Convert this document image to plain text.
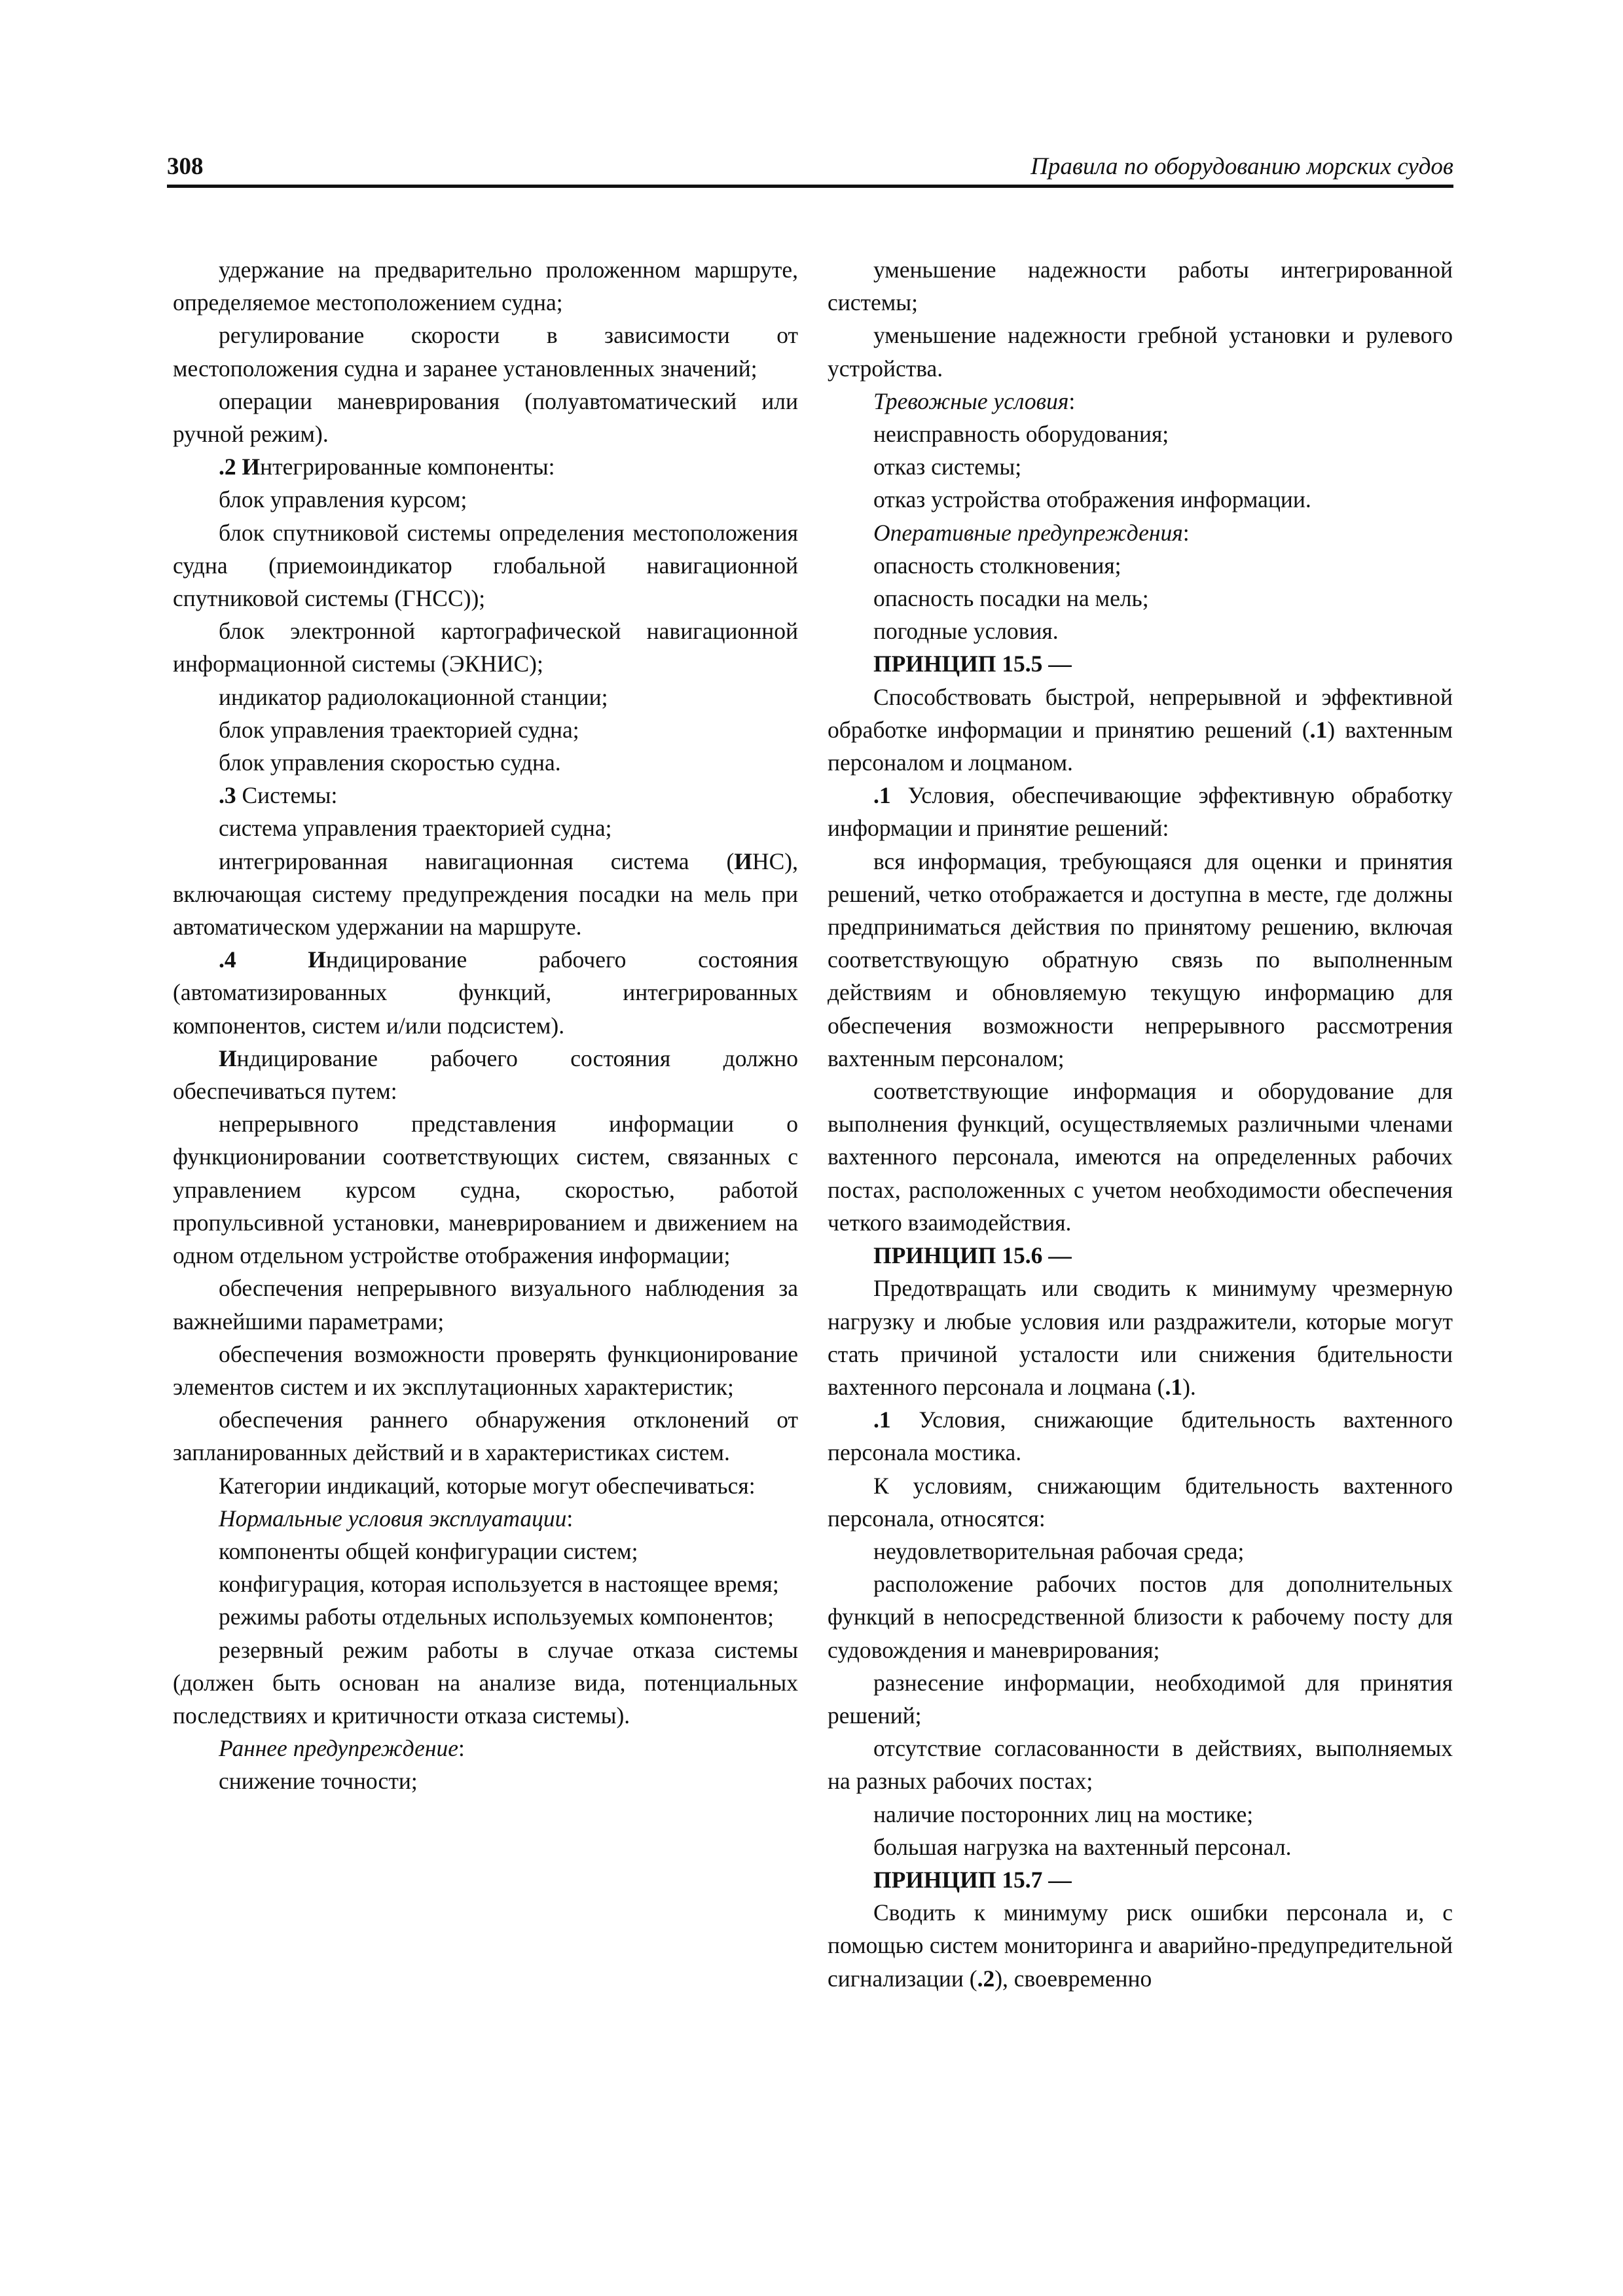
308	Правила по оборудованию морских судов

удержание на предварительно проложенном маршруте, определяемое местоположением судна;

регулирование скорости в зависимости от местоположения судна и заранее установленных значений;

операции маневрирования (полуавтоматический или ручной режим).

.2 Интегрированные компоненты:

блок управления курсом;

блок спутниковой системы определения местоположения судна (приемоиндикатор глобальной навигационной спутниковой системы (ГНСС));

блок электронной картографической навигационной информационной системы (ЭКНИС);

индикатор радиолокационной станции;

блок управления траекторией судна;

блок управления скоростью судна.

.3 Системы:

система управления траекторией судна;

интегрированная навигационная система (ИНС), включающая систему предупреждения посадки на мель при автоматическом удержании на маршруте.

.4 Индицирование рабочего состояния (автоматизированных функций, интегрированных компонентов, систем и/или подсистем).

Индицирование рабочего состояния должно обеспечиваться путем:

непрерывного представления информации о функционировании соответствующих систем, связанных с управлением курсом судна, скоростью, работой пропульсивной установки, маневрированием и движением на одном отдельном устройстве отображения информации;

обеспечения непрерывного визуального наблюдения за важнейшими параметрами;

обеспечения возможности проверять функционирование элементов систем и их эксплутационных характеристик;

обеспечения раннего обнаружения отклонений от запланированных действий и в характеристиках систем.

Категории индикаций, которые могут обеспечиваться:

Нормальные условия эксплуатации:

компоненты общей конфигурации систем;

конфигурация, которая используется в настоящее время;

режимы работы отдельных используемых компонентов;

резервный режим работы в случае отказа системы (должен быть основан на анализе вида, потенциальных последствиях и критичности отказа системы).

Раннее предупреждение:

снижение точности;

уменьшение надежности работы интегрированной системы;

уменьшение надежности гребной установки и рулевого устройства.

Тревожные условия:

неисправность оборудования;

отказ системы;

отказ устройства отображения информации.

Оперативные предупреждения:

опасность столкновения;

опасность посадки на мель;

погодные условия.

ПРИНЦИП 15.5 —

Способствовать быстрой, непрерывной и эффективной обработке информации и принятию решений (.1) вахтенным персоналом и лоцманом.

.1 Условия, обеспечивающие эффективную обработку информации и принятие решений:

вся информация, требующаяся для оценки и принятия решений, четко отображается и доступна в месте, где должны предприниматься действия по принятому решению, включая соответствующую обратную связь по выполненным действиям и обновляемую текущую информацию для обеспечения возможности непрерывного рассмотрения вахтенным персоналом;

соответствующие информация и оборудование для выполнения функций, осуществляемых различными членами вахтенного персонала, имеются на определенных рабочих постах, расположенных с учетом необходимости обеспечения четкого взаимодействия.

ПРИНЦИП 15.6 —

Предотвращать или сводить к минимуму чрезмерную нагрузку и любые условия или раздражители, которые могут стать причиной усталости или снижения бдительности вахтенного персонала и лоцмана (.1).

.1 Условия, снижающие бдительность вахтенного персонала мостика.

К условиям, снижающим бдительность вахтенного персонала, относятся:

неудовлетворительная рабочая среда;

расположение рабочих постов для дополнительных функций в непосредственной близости к рабочему посту для судовождения и маневрирования;

разнесение информации, необходимой для принятия решений;

отсутствие согласованности в действиях, выполняемых на разных рабочих постах;

наличие посторонних лиц на мостике;

большая нагрузка на вахтенный персонал.

ПРИНЦИП 15.7 —

Сводить к минимуму риск ошибки персонала и, с помощью систем мониторинга и аварийно-предупредительной сигнализации (.2), своевременно
